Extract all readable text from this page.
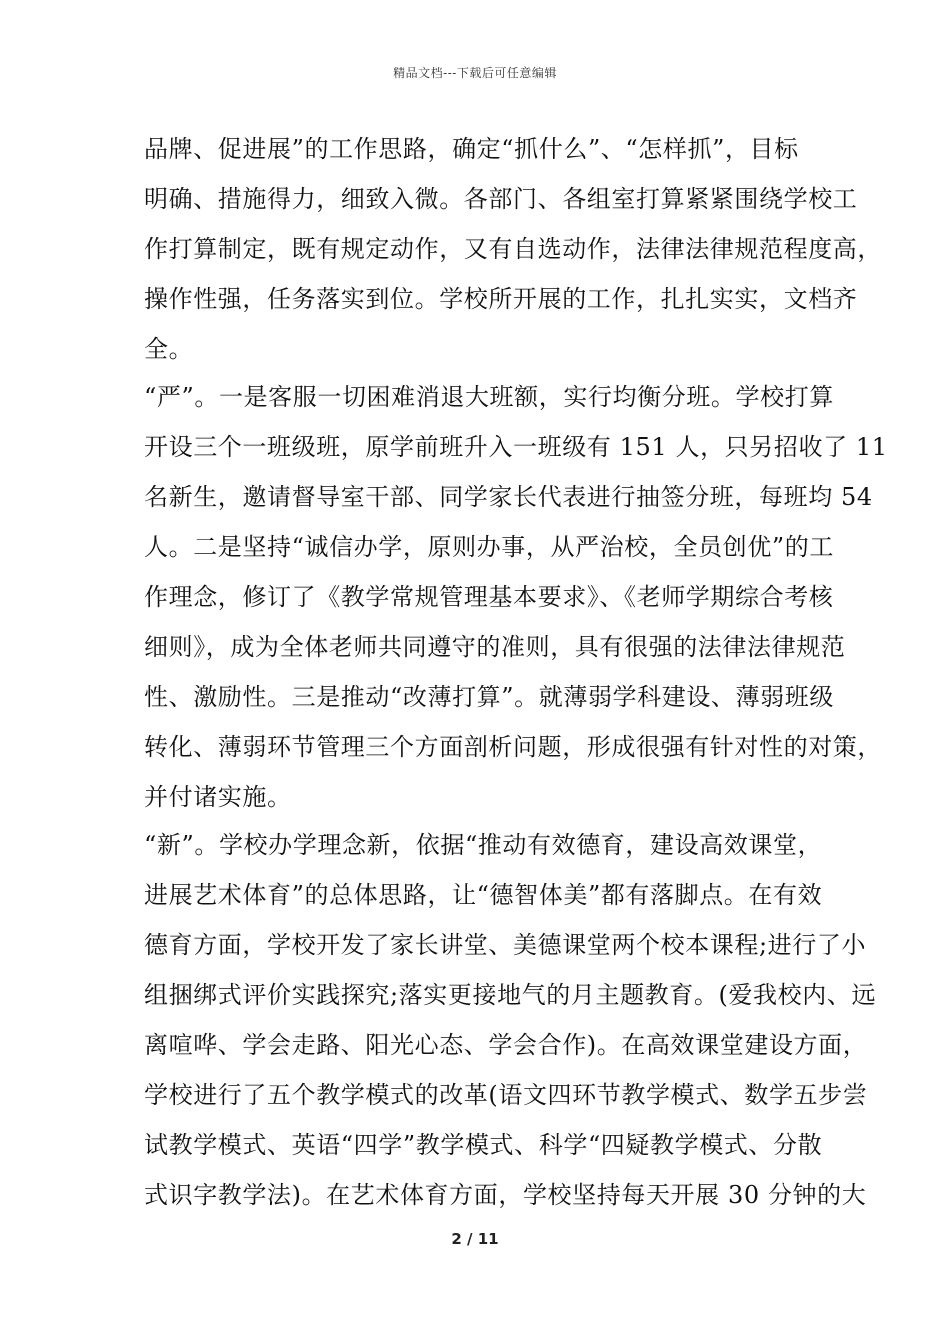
精品文档---下载后可任意编辑
品牌、促进展”的工作思路，确定“抓什么”、“怎样抓”，目标
明确、措施得力，细致入微。各部门、各组室打算紧紧围绕学校工
作打算制定，既有规定动作，又有自选动作，法律法律规范程度高，
操作性强，任务落实到位。学校所开展的工作，扎扎实实，文档齐
全。
“严”。一是客服一切困难消退大班额，实行均衡分班。学校打算
开设三个一班级班，原学前班升入一班级有 151 人，只另招收了 11
名新生，邀请督导室干部、同学家长代表进行抽签分班，每班均 54
人。二是坚持“诚信办学，原则办事，从严治校，全员创优”的工
作理念，修订了《教学常规管理基本要求》、《老师学期综合考核
细则》，成为全体老师共同遵守的准则，具有很强的法律法律规范
性、激励性。三是推动“改薄打算”。就薄弱学科建设、薄弱班级
转化、薄弱环节管理三个方面剖析问题，形成很强有针对性的对策，
并付诸实施。
“新”。学校办学理念新，依据“推动有效德育，建设高效课堂，
进展艺术体育”的总体思路，让“德智体美”都有落脚点。在有效
德育方面，学校开发了家长讲堂、美德课堂两个校本课程;进行了小
组捆绑式评价实践探究;落实更接地气的月主题教育。(爱我校内、远
离喧哗、学会走路、阳光心态、学会合作)。在高效课堂建设方面，
学校进行了五个教学模式的改革(语文四环节教学模式、数学五步尝
试教学模式、英语“四学”教学模式、科学“四疑教学模式、分散
式识字教学法)。在艺术体育方面，学校坚持每天开展 30 分钟的大
2 / 11
